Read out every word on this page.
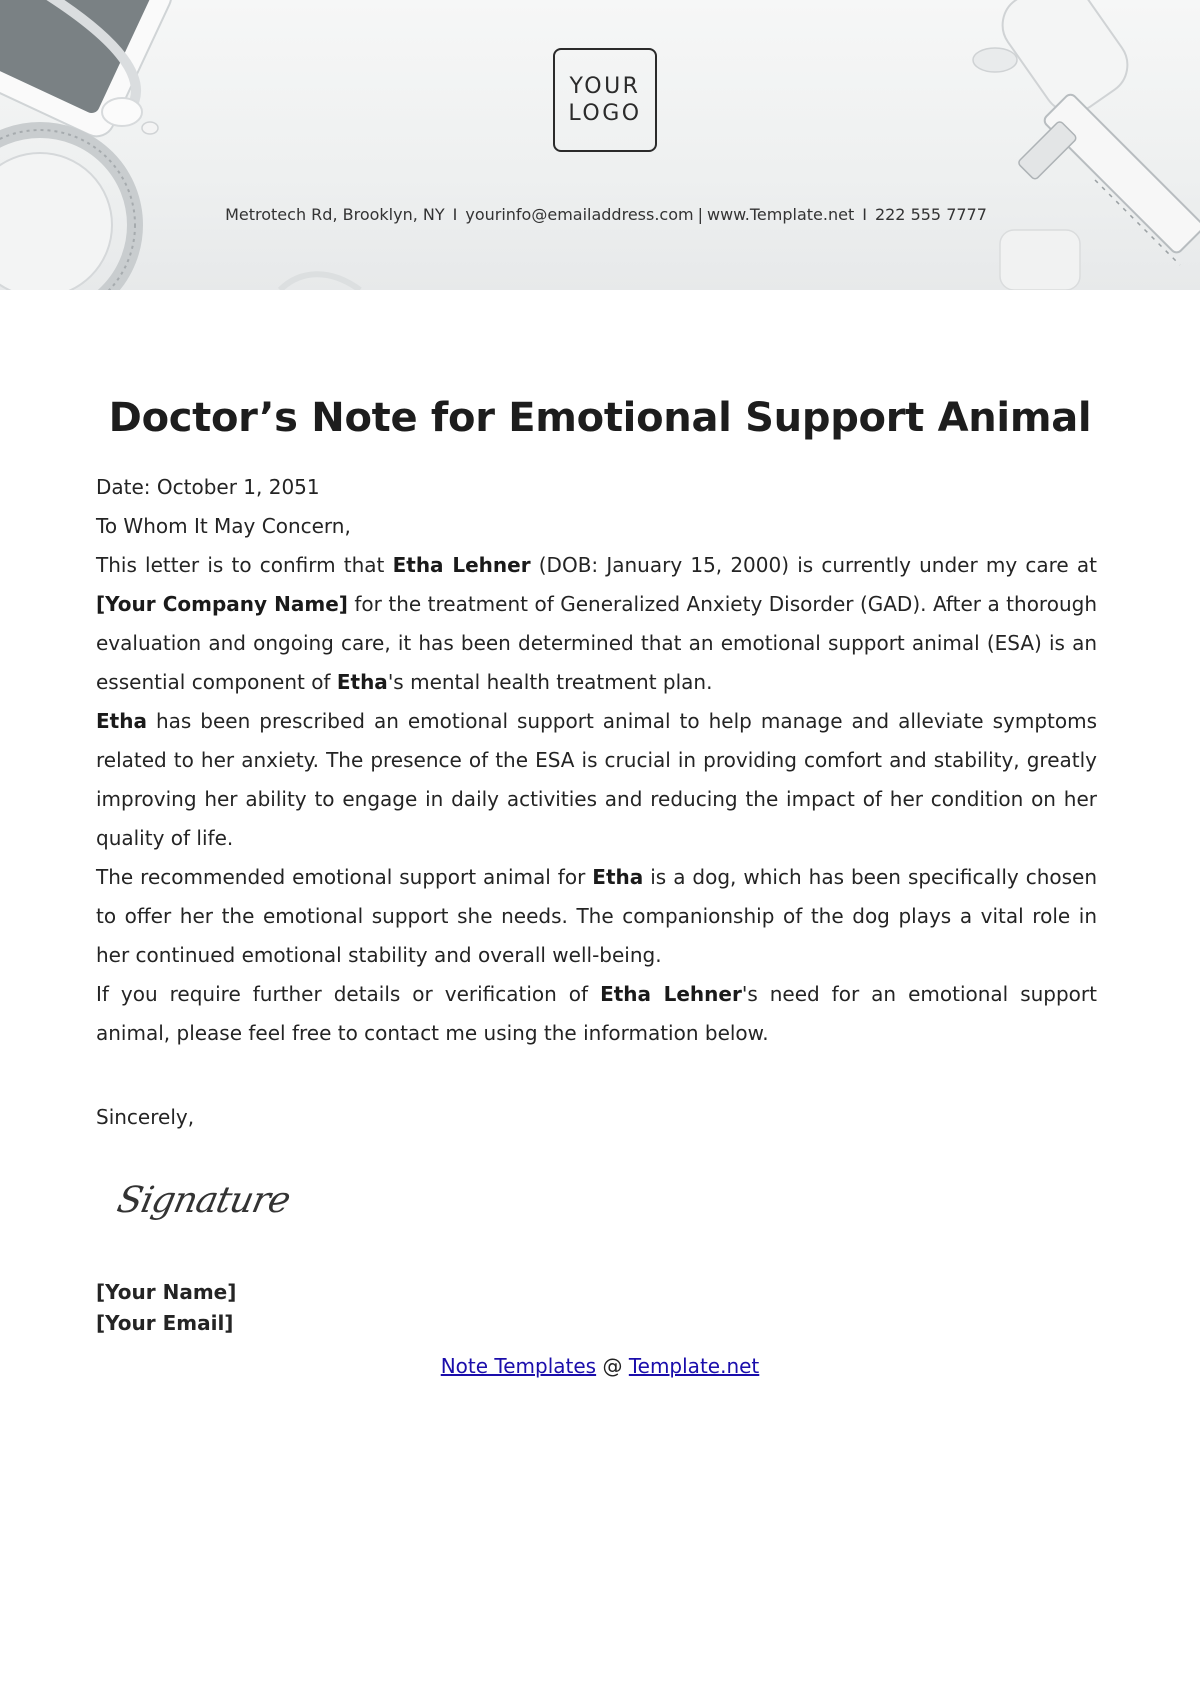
YOUR LOGO
Metrotech Rd, Brooklyn, NY I yourinfo@emailaddress.com | www.Template.net I 222 555 7777
Doctor’s Note for Emotional Support Animal

Date: October 1, 2051

To Whom It May Concern,

This letter is to confirm that Etha Lehner (DOB: January 15, 2000) is currently under my care at [Your Company Name] for the treatment of Generalized Anxiety Disorder (GAD). After a thorough evaluation and ongoing care, it has been determined that an emotional support animal (ESA) is an essential component of Etha's mental health treatment plan.

Etha has been prescribed an emotional support animal to help manage and alleviate symptoms related to her anxiety. The presence of the ESA is crucial in providing comfort and stability, greatly improving her ability to engage in daily activities and reducing the impact of her condition on her quality of life.

The recommended emotional support animal for Etha is a dog, which has been specifically chosen to offer her the emotional support she needs. The companionship of the dog plays a vital role in her continued emotional stability and overall well-being.

If you require further details or verification of Etha Lehner's need for an emotional support animal, please feel free to contact me using the information below.

Sincerely,
Signature
[Your Name]
[Your Email]
Note Templates @ Template.net
